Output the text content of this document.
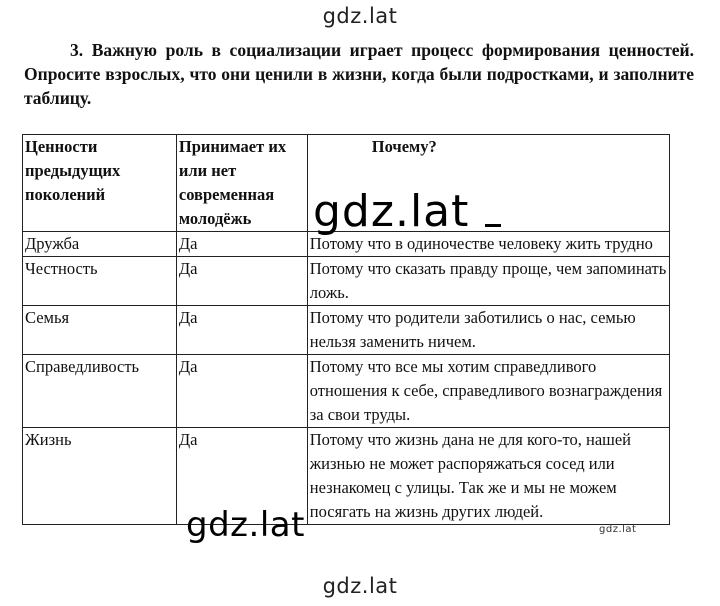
gdz.lat
3. Важную роль в социализации играет процесс формирования ценностей. Опросите взрослых, что они ценили в жизни, когда были подростками, и заполните таблицу.
Ценности предыдущих поколений	Принимает их или нет современная молодёжь	Почему?
Дружба	Да	Потому что в одиночестве человеку жить трудно
Честность	Да	Потому что сказать правду проще, чем запоминать ложь.
Семья	Да	Потому что родители заботились о нас, семью нельзя заменить ничем.
Справедливость	Да	Потому что все мы хотим справедливого отношения к себе, справедливого вознаграждения за свои труды.
Жизнь	Да	Потому что жизнь дана не для кого-то, нашей жизнью не может распоряжаться сосед или незнакомец с улицы. Так же и мы не можем посягать на жизнь других людей.
gdz.lat
gdz.lat	gdz.lat
gdz.lat
